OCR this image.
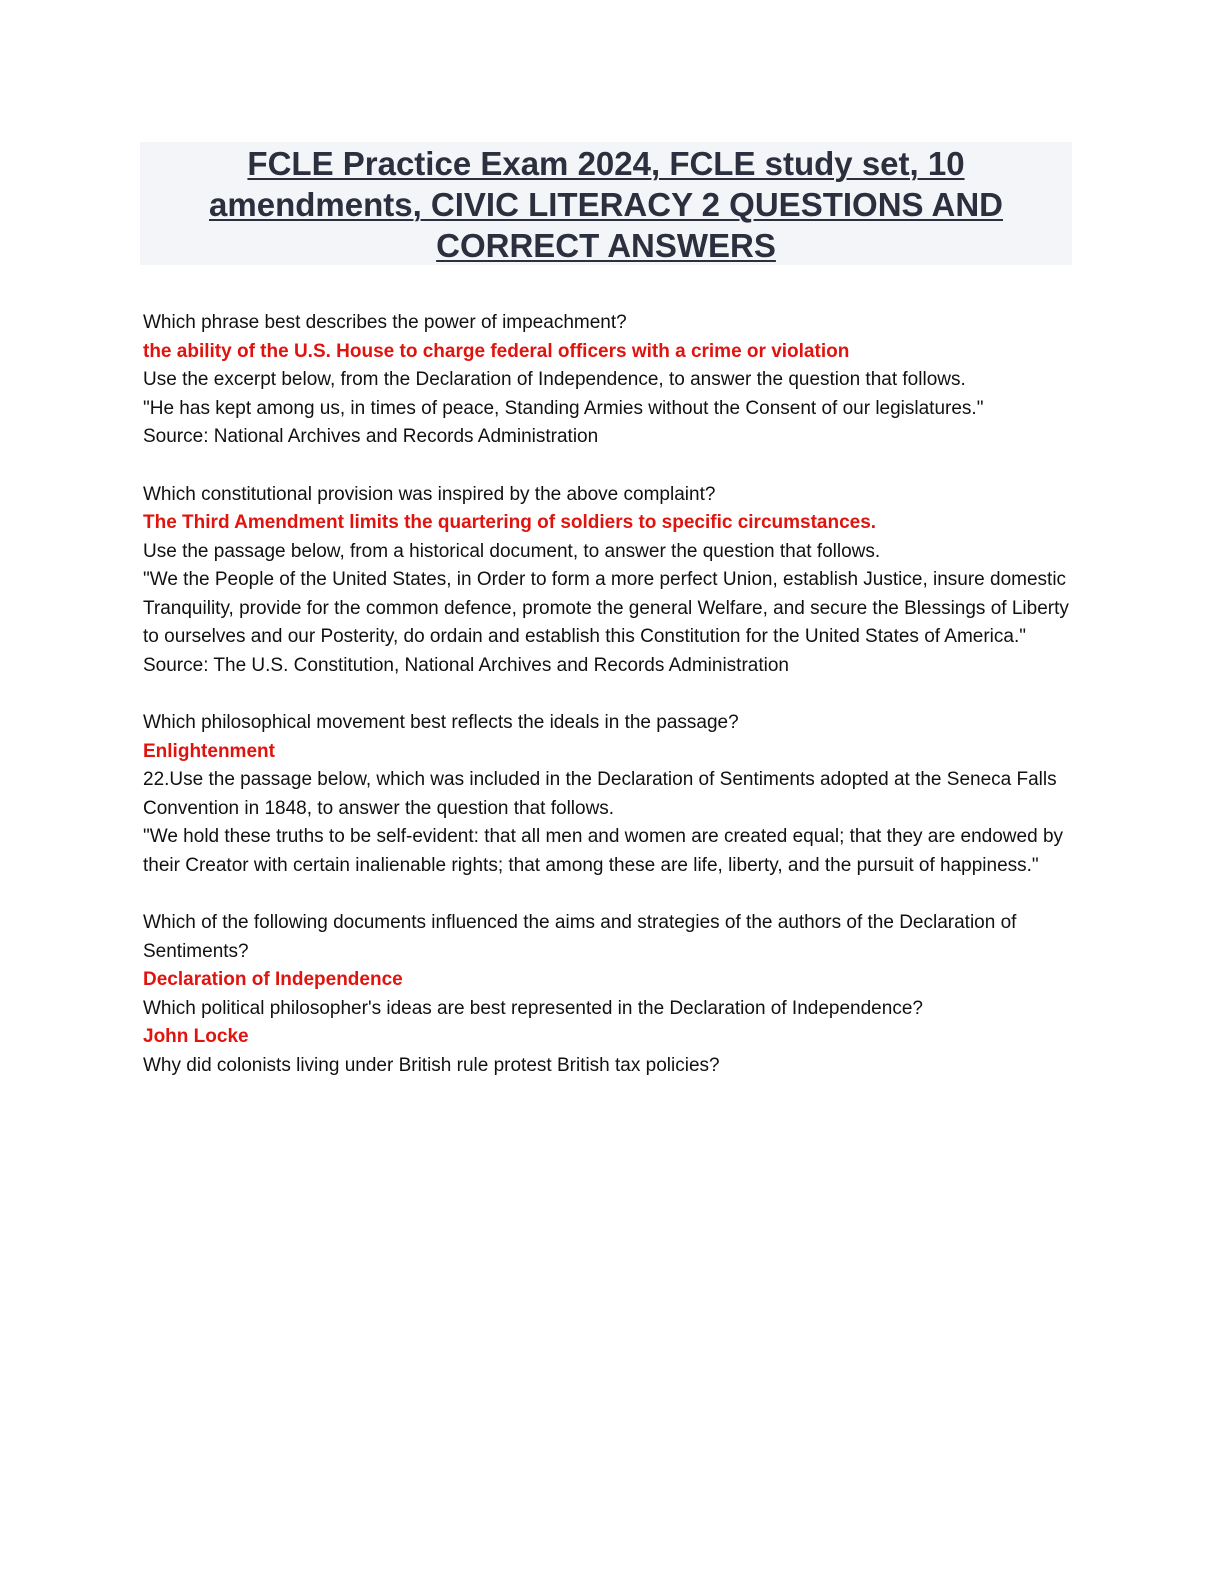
FCLE Practice Exam 2024, FCLE study set, 10 amendments, CIVIC LITERACY 2 QUESTIONS AND CORRECT ANSWERS

Which phrase best describes the power of impeachment?

the ability of the U.S. House to charge federal officers with a crime or violation

Use the excerpt below, from the Declaration of Independence, to answer the question that follows.

"He has kept among us, in times of peace, Standing Armies without the Consent of our legislatures."

Source: National Archives and Records Administration

Which constitutional provision was inspired by the above complaint?

The Third Amendment limits the quartering of soldiers to specific circumstances.

Use the passage below, from a historical document, to answer the question that follows.

"We the People of the United States, in Order to form a more perfect Union, establish Justice, insure domestic Tranquility, provide for the common defence, promote the general Welfare, and secure the Blessings of Liberty to ourselves and our Posterity, do ordain and establish this Constitution for the United States of America."

Source: The U.S. Constitution, National Archives and Records Administration

Which philosophical movement best reflects the ideals in the passage?

Enlightenment

22.Use the passage below, which was included in the Declaration of Sentiments adopted at the Seneca Falls Convention in 1848, to answer the question that follows.

"We hold these truths to be self-evident: that all men and women are created equal; that they are endowed by their Creator with certain inalienable rights; that among these are life, liberty, and the pursuit of happiness."

Which of the following documents influenced the aims and strategies of the authors of the Declaration of Sentiments?

Declaration of Independence

Which political philosopher's ideas are best represented in the Declaration of Independence?

John Locke

Why did colonists living under British rule protest British tax policies?
